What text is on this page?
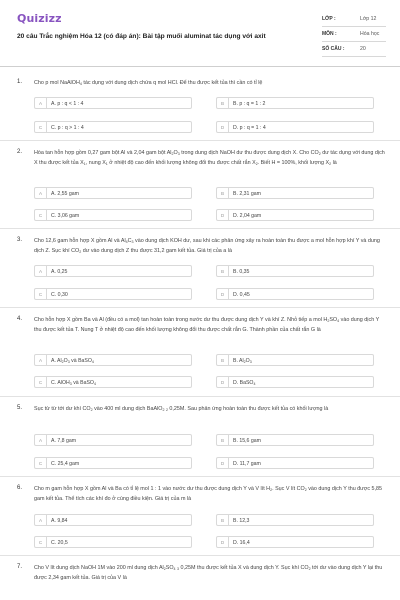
Quizizz
20 câu Trắc nghiệm Hóa 12 (có đáp án): Bài tập muối aluminat tác dụng với axit
LỚP :	Lớp 12
MÔN :	Hóa học
SỐ CÂU :	20
1. Cho p mol NaAlOH$_4$ tác dụng với dung dịch chứa q mol HCl. Để thu được kết tủa thì cần có tỉ lệ
A	A. p : q < 1 : 4	B	B. p : q = 1 : 2
C	C. p : q > 1 : 4	D	D. p : q = 1 : 4
2. Hòa tan hỗn hợp gồm 0,27 gam bột Al và 2,04 gam bột $Al_2O_3$ trong dung dịch NaOH dư thu được dung dịch X. Cho $CO_2$ dư tác dụng với dung dịch X thu được kết tủa $X_1$, nung $X_1$ ở nhiệt độ cao đến khối lượng không đổi thu được chất rắn $X_2$. Biết H = 100%, khối lượng $X_2$ là
A	A. 2,55 gam	B	B. 2,31 gam
C	C. 3,06 gam	D	D. 2,04 gam
3. Cho 12,6 gam hỗn hợp X gồm Al và $Al_4C_3$ vào dung dịch KOH dư, sau khi các phản ứng xảy ra hoàn toàn thu được a mol hỗn hợp khí Y và dung dịch Z. Sục khí $CO_2$ dư vào dung dịch Z thu được 31,2 gam kết tủa. Giá trị của a là
A	A. 0,25	B	B. 0,35
C	C. 0,30	D	D. 0,45
4. Cho hỗn hợp X gồm Ba và Al (đều có a mol) tan hoàn toàn trong nước dư thu được dung dịch Y và khí Z. Nhỏ tiếp a mol $H_2SO_4$ vào dung dịch Y thu được kết tủa T. Nung T ở nhiệt độ cao đến khối lượng không đổi thu được chất rắn G. Thành phần của chất rắn G là
A	A. $Al_2O_3$ và BaSO$_4$	B	B. $Al_2O_3$
C	C. AlOH$_3$ và BaSO$_4$	D	D. BaSO$_4$
5. Sục từ từ tới dư khí $CO_2$ vào 400 ml dung dịch BaAlO$_2$ $_2$ 0,25M. Sau phản ứng hoàn toàn thu được kết tủa có khối lượng là
A	A. 7,8 gam	B	B. 15,6 gam
C	C. 25,4 gam	D	D. 11,7 gam
6. Cho m gam hỗn hợp X gồm Al và Ba có tỉ lệ mol 1 : 1 vào nước dư thu được dung dịch Y và V lít $H_2$. Sục V lít $CO_2$ vào dung dịch Y thu được 5,85 gam kết tủa. Thể tích các khí đo ở cùng điều kiện. Giá trị của m là
A	A. 9,84	B	B. 12,3
C	C. 20,5	D	D. 16,4
7. Cho V lít dung dịch NaOH 1M vào 200 ml dung dịch $Al_2SO_4$ $_3$ 0,25M thu được kết tủa X và dung dịch Y. Sục khí $CO_2$ tới dư vào dung dịch Y lại thu được 2,34 gam kết tủa. Giá trị của V là
